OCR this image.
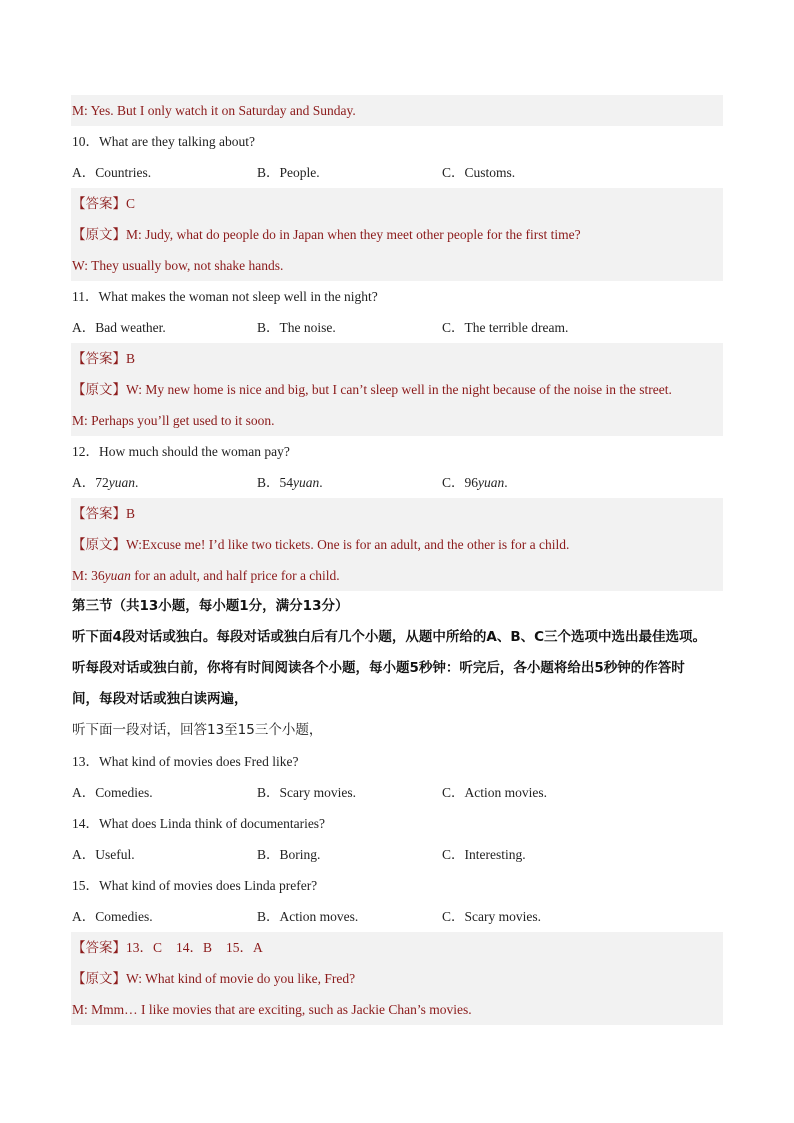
M: Yes. But I only watch it on Saturday and Sunday.
10．What are they talking about?
A．Countries.	B．People.	C．Customs.
【答案】C
【原文】M: Judy, what do people do in Japan when they meet other people for the first time?
W: They usually bow, not shake hands.
11．What makes the woman not sleep well in the night?
A．Bad weather.	B．The noise.	C．The terrible dream.
【答案】B
【原文】W: My new home is nice and big, but I can’t sleep well in the night because of the noise in the street.
M: Perhaps you’ll get used to it soon.
12．How much should the woman pay?
A．72yuan.	B．54yuan.	C．96yuan.
【答案】B
【原文】W:Excuse me! I’d like two tickets. One is for an adult, and the other is for a child.
M: 36yuan for an adult, and half price for a child.
第三节（共13小题，每小题1分，满分13分）
听下面4段对话或独白。每段对话或独白后有几个小题，从题中所给的A、B、C三个选项中选出最佳选项。
听每段对话或独白前，你将有时间阅读各个小题，每小题5秒钟：听完后，各小题将给出5秒钟的作答时
间，每段对话或独白读两遍，
听下面一段对话，回答13至15三个小题，
13．What kind of movies does Fred like?
A．Comedies.	B．Scary movies.	C．Action movies.
14．What does Linda think of documentaries?
A．Useful.	B．Boring.	C．Interesting.
15．What kind of movies does Linda prefer?
A．Comedies.	B．Action moves.	C．Scary movies.
【答案】13．C 14．B 15．A
【原文】W: What kind of movie do you like, Fred?
M: Mmm… I like movies that are exciting, such as Jackie Chan’s movies.
